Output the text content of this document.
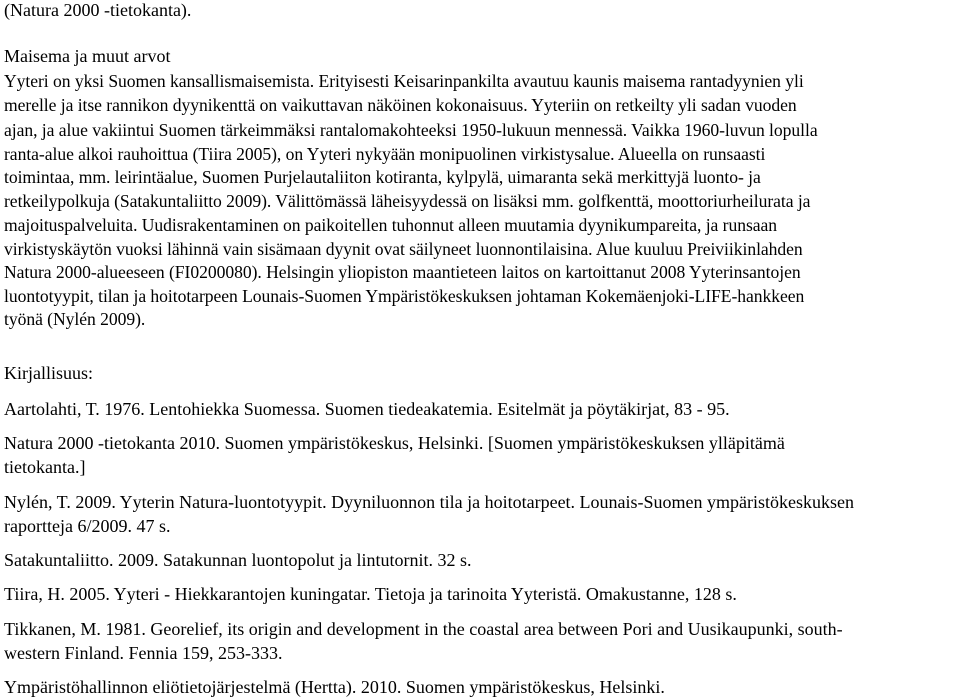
(Natura 2000 -tietokanta).
Maisema ja muut arvot
Yyteri on yksi Suomen kansallismaisemista. Erityisesti Keisarinpankilta avautuu kaunis maisema rantadyynien yli
merelle ja itse rannikon dyynikenttä on vaikuttavan näköinen kokonaisuus. Yyteriin on retkeilty yli sadan vuoden
ajan, ja alue vakiintui Suomen tärkeimmäksi rantalomakohteeksi 1950-lukuun mennessä. Vaikka 1960-luvun lopulla
ranta-alue alkoi rauhoittua (Tiira 2005), on Yyteri nykyään monipuolinen virkistysalue. Alueella on runsaasti
toimintaa, mm. leirintäalue, Suomen Purjelautaliiton kotiranta, kylpylä, uimaranta sekä merkittyjä luonto- ja
retkeilypolkuja (Satakuntaliitto 2009). Välittömässä läheisyydessä on lisäksi mm. golfkenttä, moottoriurheilurata ja
majoituspalveluita. Uudisrakentaminen on paikoitellen tuhonnut alleen muutamia dyynikumpareita, ja runsaan
virkistyskäytön vuoksi lähinnä vain sisämaan dyynit ovat säilyneet luonnontilaisina. Alue kuuluu Preiviikinlahden
Natura 2000-alueeseen (FI0200080). Helsingin yliopiston maantieteen laitos on kartoittanut 2008 Yyterinsantojen
luontotyypit, tilan ja hoitotarpeen Lounais-Suomen Ympäristökeskuksen johtaman Kokemäenjoki-LIFE-hankkeen
työnä (Nylén 2009).
Kirjallisuus:
Aartolahti, T. 1976. Lentohiekka Suomessa. Suomen tiedeakatemia. Esitelmät ja pöytäkirjat, 83 - 95.
Natura 2000 -tietokanta 2010. Suomen ympäristökeskus, Helsinki. [Suomen ympäristökeskuksen ylläpitämä
tietokanta.]
Nylén, T. 2009. Yyterin Natura-luontotyypit. Dyyniluonnon tila ja hoitotarpeet. Lounais-Suomen ympäristökeskuksen
raportteja 6/2009. 47 s.
Satakuntaliitto. 2009. Satakunnan luontopolut ja lintutornit. 32 s.
Tiira, H. 2005. Yyteri - Hiekkarantojen kuningatar. Tietoja ja tarinoita Yyteristä. Omakustanne, 128 s.
Tikkanen, M. 1981. Georelief, its origin and development in the coastal area between Pori and Uusikaupunki, south-
western Finland. Fennia 159, 253-333.
Ympäristöhallinnon eliötietojärjestelmä (Hertta). 2010. Suomen ympäristökeskus, Helsinki.
